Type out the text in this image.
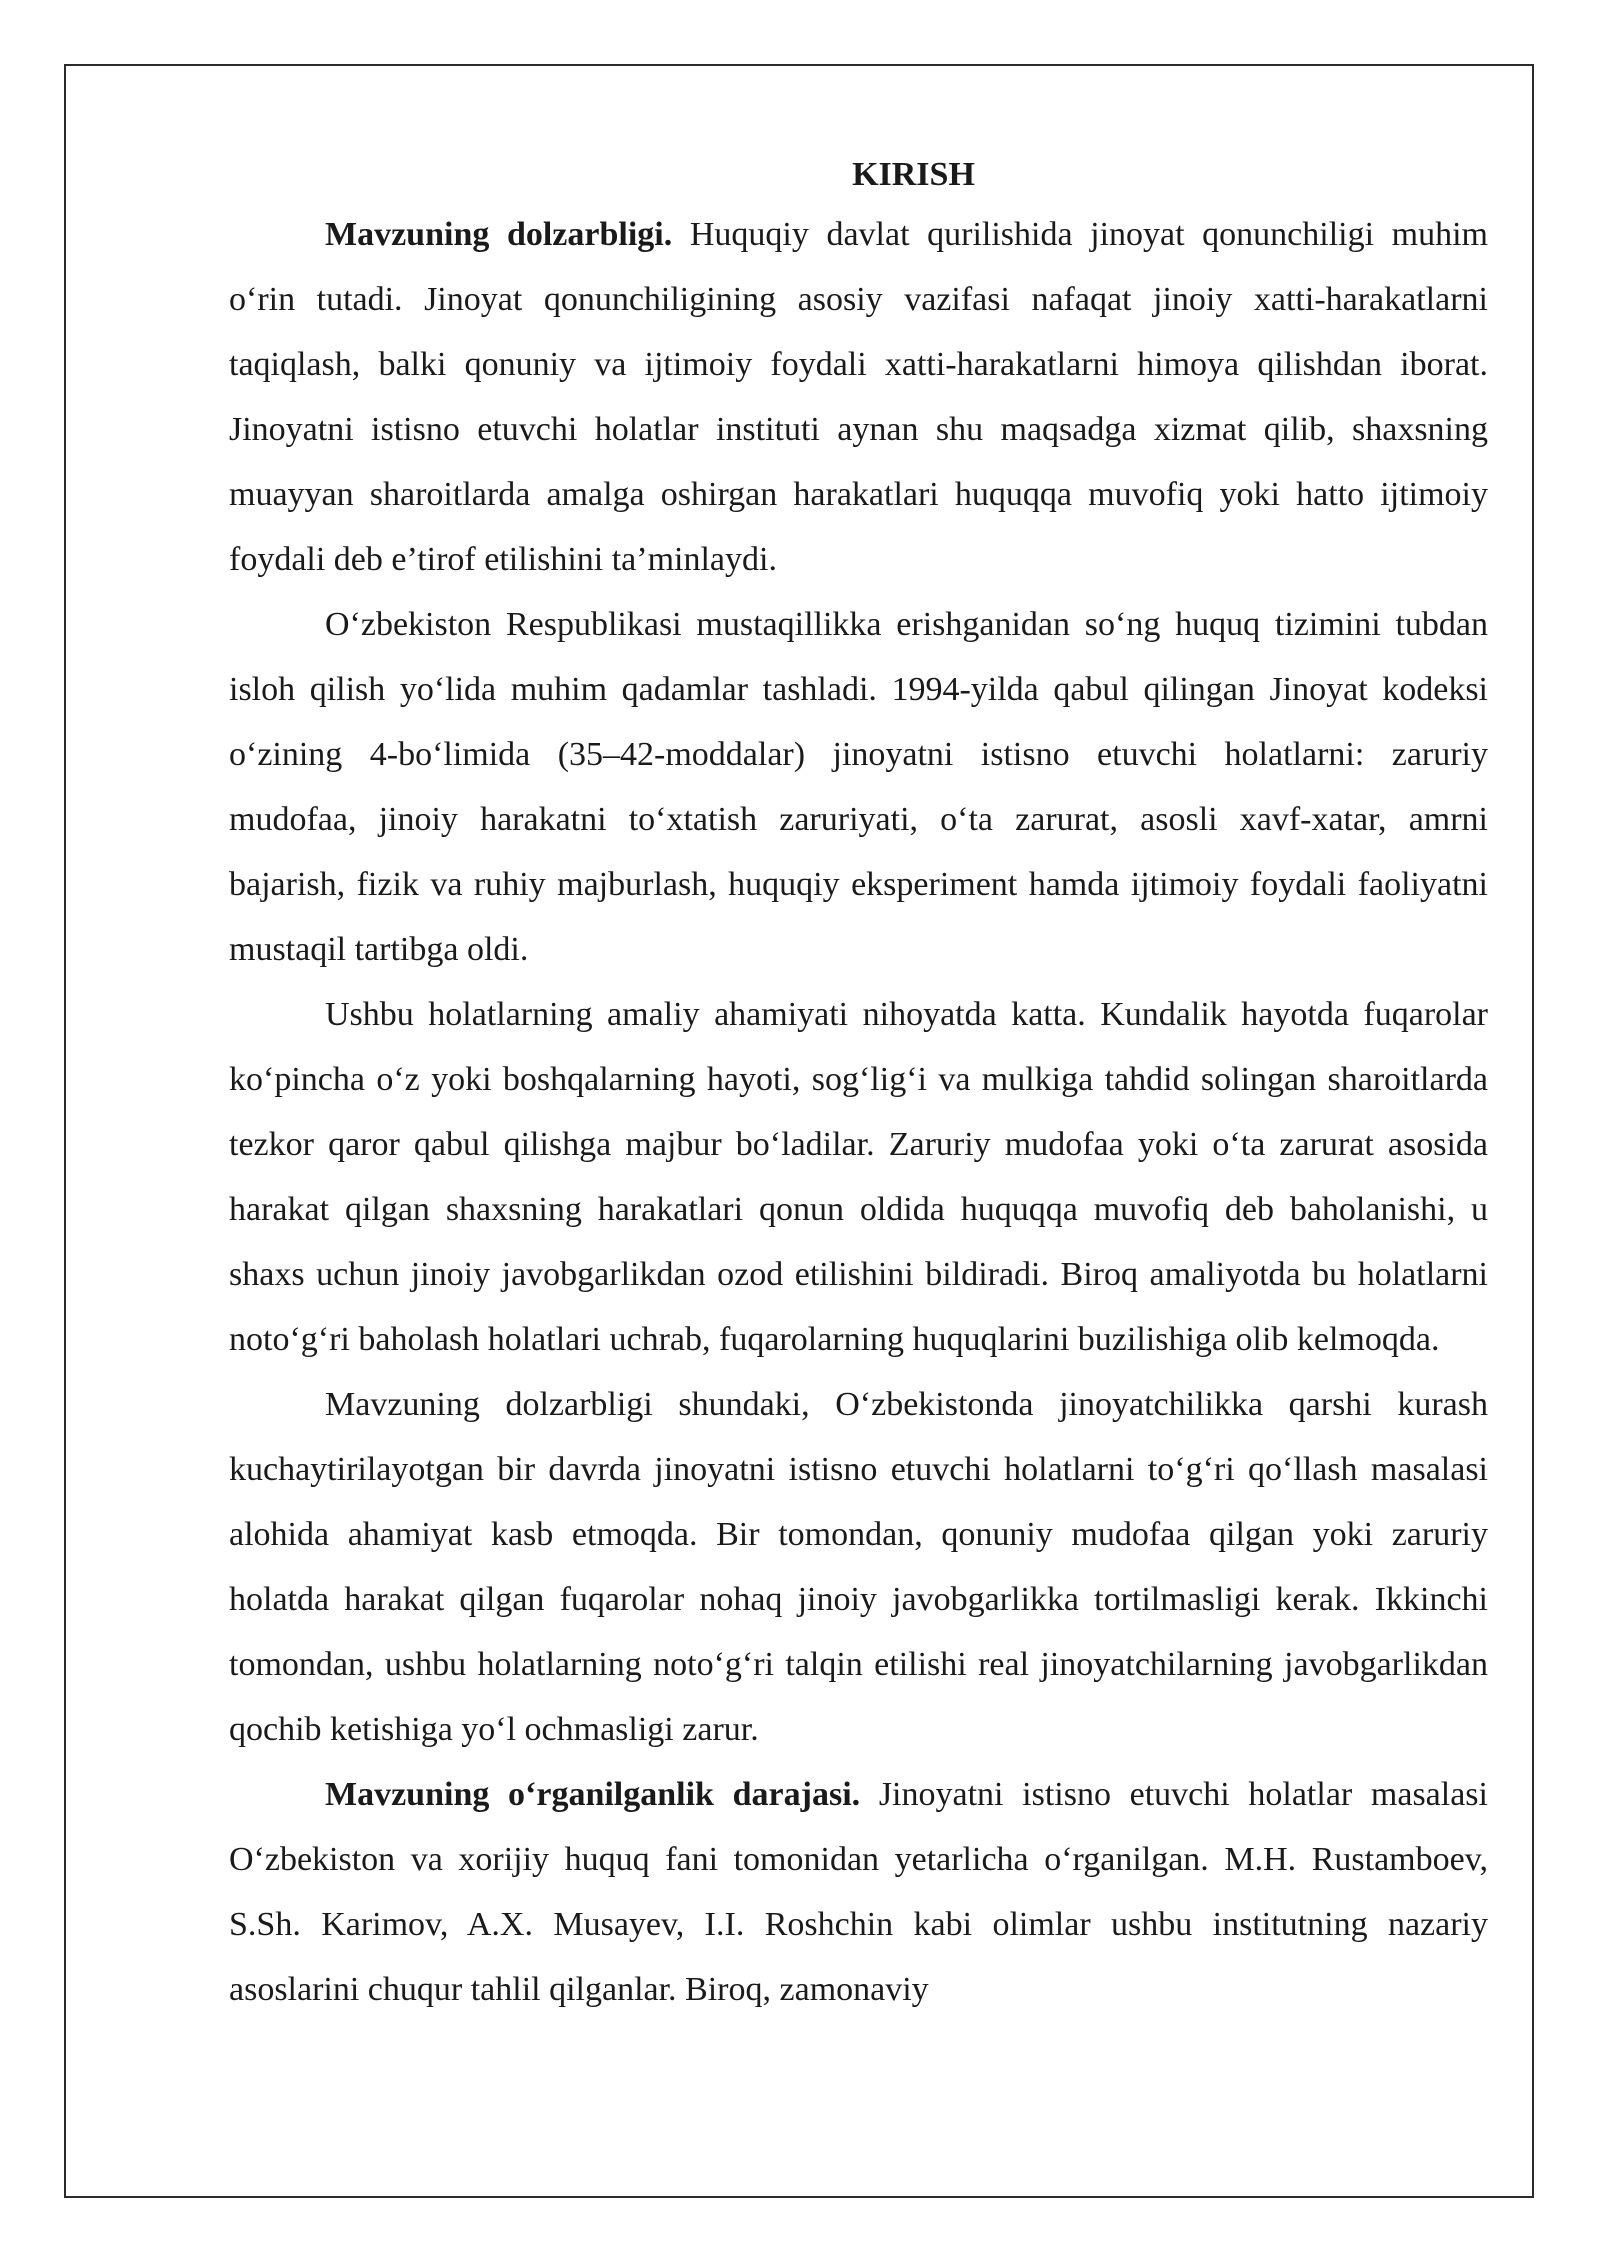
KIRISH

Mavzuning dolzarbligi. Huquqiy davlat qurilishida jinoyat qonunchiligi muhim o‘rin tutadi. Jinoyat qonunchiligining asosiy vazifasi nafaqat jinoiy xatti-harakatlarni taqiqlash, balki qonuniy va ijtimoiy foydali xatti-harakatlarni himoya qilishdan iborat. Jinoyatni istisno etuvchi holatlar instituti aynan shu maqsadga xizmat qilib, shaxsning muayyan sharoitlarda amalga oshirgan harakatlari huquqqa muvofiq yoki hatto ijtimoiy foydali deb e’tirof etilishini ta’minlaydi.

O‘zbekiston Respublikasi mustaqillikka erishganidan so‘ng huquq tizimini tubdan isloh qilish yo‘lida muhim qadamlar tashladi. 1994-yilda qabul qilingan Jinoyat kodeksi o‘zining 4-bo‘limida (35–42-moddalar) jinoyatni istisno etuvchi holatlarni: zaruriy mudofaa, jinoiy harakatni to‘xtatish zaruriyati, o‘ta zarurat, asosli xavf-xatar, amrni bajarish, fizik va ruhiy majburlash, huquqiy eksperiment hamda ijtimoiy foydali faoliyatni mustaqil tartibga oldi.

Ushbu holatlarning amaliy ahamiyati nihoyatda katta. Kundalik hayotda fuqarolar ko‘pincha o‘z yoki boshqalarning hayoti, sog‘lig‘i va mulkiga tahdid solingan sharoitlarda tezkor qaror qabul qilishga majbur bo‘ladilar. Zaruriy mudofaa yoki o‘ta zarurat asosida harakat qilgan shaxsning harakatlari qonun oldida huquqqa muvofiq deb baholanishi, u shaxs uchun jinoiy javobgarlikdan ozod etilishini bildiradi. Biroq amaliyotda bu holatlarni noto‘g‘ri baholash holatlari uchrab, fuqarolarning huquqlarini buzilishiga olib kelmoqda.

Mavzuning dolzarbligi shundaki, O‘zbekistonda jinoyatchilikka qarshi kurash kuchaytirilayotgan bir davrda jinoyatni istisno etuvchi holatlarni to‘g‘ri qo‘llash masalasi alohida ahamiyat kasb etmoqda. Bir tomondan, qonuniy mudofaa qilgan yoki zaruriy holatda harakat qilgan fuqarolar nohaq jinoiy javobgarlikka tortilmasligi kerak. Ikkinchi tomondan, ushbu holatlarning noto‘g‘ri talqin etilishi real jinoyatchilarning javobgarlikdan qochib ketishiga yo‘l ochmasligi zarur.

Mavzuning o‘rganilganlik darajasi. Jinoyatni istisno etuvchi holatlar masalasi O‘zbekiston va xorijiy huquq fani tomonidan yetarlicha o‘rganilgan. M.H. Rustamboev, S.Sh. Karimov, A.X. Musayev, I.I. Roshchin kabi olimlar ushbu institutning nazariy asoslarini chuqur tahlil qilganlar. Biroq, zamonaviy
